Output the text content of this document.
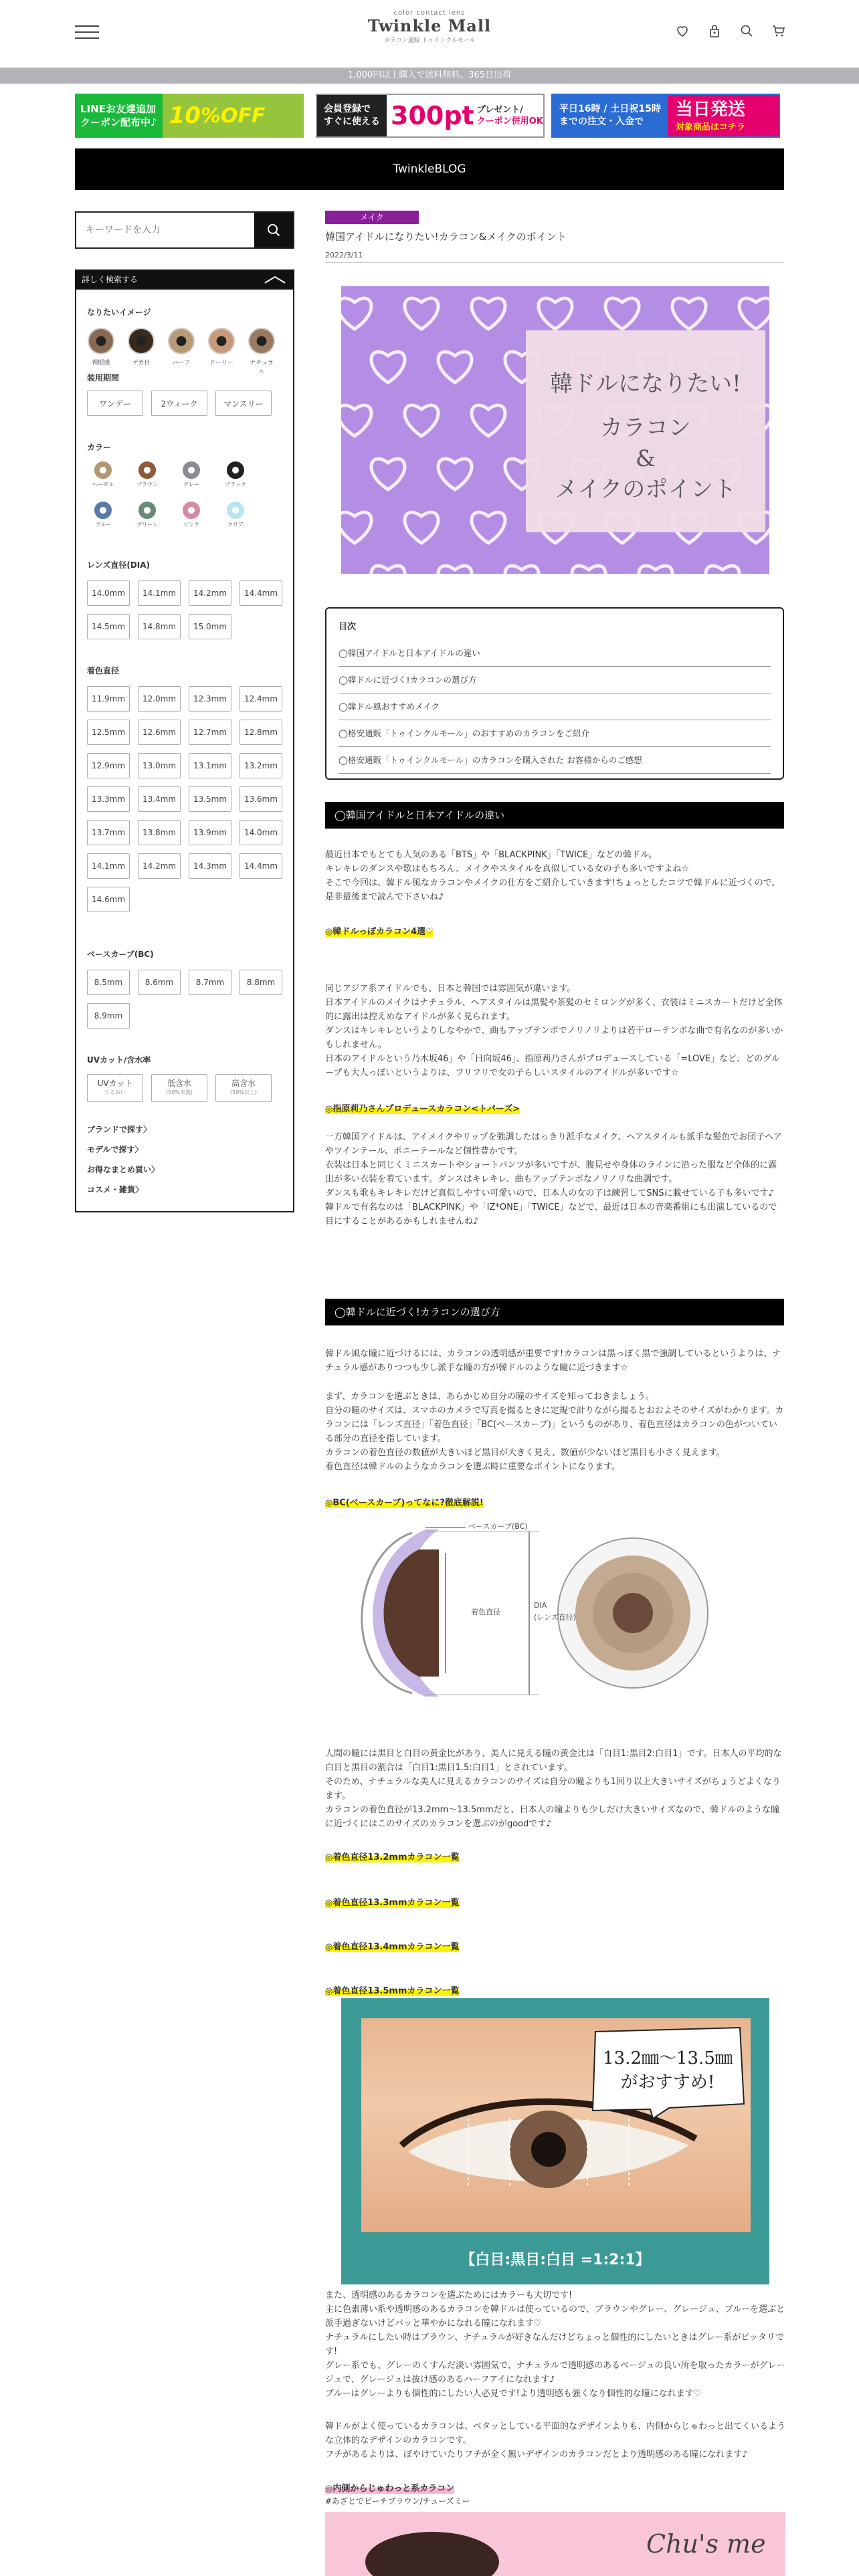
color contact lens
Twinkle Mall
カラコン通販 トゥインクルモール
1,000円以上購入で送料無料。365日出荷
LINEお友達追加
クーポン配布中♪ 10 %OFF	会員登録で
すぐに使える 300pt プレゼント/
クーポン併用OK
平日16時 / 土日祝15時
までの注文・入金で
当日発送
対象商品はコチラ
TwinkleBLOG
キーワードを入力
詳しく検索する
なりたいイメージ
裸眼感	デカ目	ハーフ	ドーリー	ナチュラル
装用期間
ワンデー	2ウィーク	マンスリー
カラー
ヘーゼル	ブラウン	グレー	ブラック
ブルー	グリーン	ピンク	クリア
レンズ直径(DIA)
14.0mm	14.1mm	14.2mm	14.4mm
14.5mm	14.8mm	15.0mm
着色直径
11.9mm	12.0mm	12.3mm	12.4mm
12.5mm	12.6mm	12.7mm	12.8mm
12.9mm	13.0mm	13.1mm	13.2mm
13.3mm	13.4mm	13.5mm	13.6mm
13.7mm	13.8mm	13.9mm	14.0mm
14.1mm	14.2mm	14.3mm	14.4mm
14.6mm
ベースカーブ(BC)
8.5mm	8.6mm	8.7mm	8.8mm
8.9mm
UVカット/含水率
UVカット
うるおい
低含水
(50%未満)
高含水
(50%以上)
ブランドで探す〉
モデルで探す〉
お得なまとめ買い〉
コスメ・雑貨〉
メイク
韓国アイドルになりたい!カラコン&メイクのポイント
2022/3/11
韓ドルになりたい!
カラコン
&
メイクのポイント
目次
◯韓国アイドルと日本アイドルの違い
◯韓ドルに近づく!カラコンの選び方
◯韓ドル風おすすめメイク
◯格安通販「トゥインクルモール」のおすすめのカラコンをご紹介
◯格安通販「トゥインクルモール」のカラコンを購入された お客様からのご感想
◯韓国アイドルと日本アイドルの違い
最近日本でもとても人気のある「BTS」や「BLACKPINK」「TWICE」などの韓ドル。
キレキレのダンスや歌はもちろん、メイクやスタイルを真似している女の子も多いですよね☆
そこで今回は、韓ドル風なカラコンやメイクの仕方をご紹介していきます!ちょっとしたコツで韓ドルに近づくので、是非最後まで読んで下さいね♪
◎韓ドルっぽカラコン4選♡
同じアジア系アイドルでも、日本と韓国では雰囲気が違います。
日本アイドルのメイクはナチュラル、ヘアスタイルは黒髪や茶髪のセミロングが多く、衣装はミニスカートだけど全体的に露出は控えめなアイドルが多く見られます。
ダンスはキレキレというよりしなやかで、曲もアップテンポでノリノリよりは若干ローテンポな曲で有名なのが多いかもしれません。
日本のアイドルという乃木坂46」や「日向坂46」、指原莉乃さんがプロデュースしている「=LOVE」など、どのグループも大人っぽいというよりは、フリフリで女の子らしいスタイルのアイドルが多いです☆
◎指原莉乃さんプロデュースカラコン<トパーズ>
一方韓国アイドルは、アイメイクやリップを強調したはっきり派手なメイク、ヘアスタイルも派手な髪色でお団子ヘアやツインテール、ポニーテールなど個性豊かです。
衣装は日本と同じくミニスカートやショートパンツが多いですが、腹見せや身体のラインに沿った服など全体的に露出が多い衣装を着ています。ダンスはキレキレ、曲もアップテンポなノリノリな曲調です。
ダンスも歌もキレキレだけど真似しやすい可愛いので、日本人の女の子は練習してSNSに載せている子も多いです♪
韓ドルで有名なのは「BLACKPINK」や「IZ*ONE」「TWICE」などで、最近は日本の音楽番組にも出演しているので目にすることがあるかもしれませんね♪
◯韓ドルに近づく!カラコンの選び方
韓ドル風な瞳に近づけるには、カラコンの透明感が重要です!カラコンは黒っぽく黒で強調しているというよりは、ナチュラル感がありつつも少し派手な瞳の方が韓ドルのような瞳に近づきます☆
まず、カラコンを選ぶときは、あらかじめ自分の瞳のサイズを知っておきましょう。
自分の瞳のサイズは、スマホのカメラで写真を撮るときに定規で計りながら撮るとおおよそのサイズがわかります。カラコンには「レンズ直径」「着色直径」「BC(ベースカーブ)」というものがあり、着色直径はカラコンの色がついている部分の直径を指しています。
カラコンの着色直径の数値が大きいほど黒目が大きく見え、数値が少ないほど黒目も小さく見えます。
着色直径は韓ドルのようなカラコンを選ぶ時に重要なポイントになります。
◎BC(ベースカーブ)ってなに?徹底解説!
ベースカーブ(BC)
着色直径
DIA
(レンズ直径)
人間の瞳には黒目と白目の黄金比があり、美人に見える瞳の黄金比は「白目1:黒目2:白目1」です。日本人の平均的な白目と黒目の割合は「白目1:黒目1.5:白目1」とされています。
そのため、ナチュラルな美人に見えるカラコンのサイズは自分の瞳よりも1回り以上大きいサイズがちょうどよくなります。
カラコンの着色直径が13.2mm〜13.5mmだと、日本人の瞳よりも少しだけ大きいサイズなので、韓ドルのような瞳に近づくにはこのサイズのカラコンを選ぶのがgoodです♪
◎着色直径13.2mmカラコン一覧
◎着色直径13.3mmカラコン一覧
◎着色直径13.4mmカラコン一覧
◎着色直径13.5mmカラコン一覧
13.2㎜〜13.5㎜
がおすすめ!
【白目:黒目:白目 =1:2:1】
また、透明感のあるカラコンを選ぶためにはカラーも大切です!
主に色素薄い系や透明感のあるカラコンを韓ドルは使っているので、ブラウンやグレー、グレージュ、ブルーを選ぶと派手過ぎないけどパッと華やかになれる瞳になれます♡
ナチュラルにしたい時はブラウン、ナチュラルが好きなんだけどちょっと個性的にしたいときはグレー系がピッタリです!
グレー系でも、グレーのくすんだ淡い雰囲気で、ナチュラルで透明感のあるベージュの良い所を取ったカラーがグレージュで、グレージュは抜け感のあるハーフアイになれます♪
ブルーはグレーよりも個性的にしたい人必見です!より透明感も強くなり個性的な瞳になれます♡
韓ドルがよく使っているカラコンは、ベタッとしている平面的なデザインよりも、内側からじゅわっと出てくいるような立体的なデザインのカラコンです。
フチがあるよりは、ぼやけていたりフチが全く無いデザインのカラコンだとより透明感のある瞳になれます♪
◎内側からじゅわっと系カラコン
#あざとでピーチブラウン/チューズミー
Chu's me
